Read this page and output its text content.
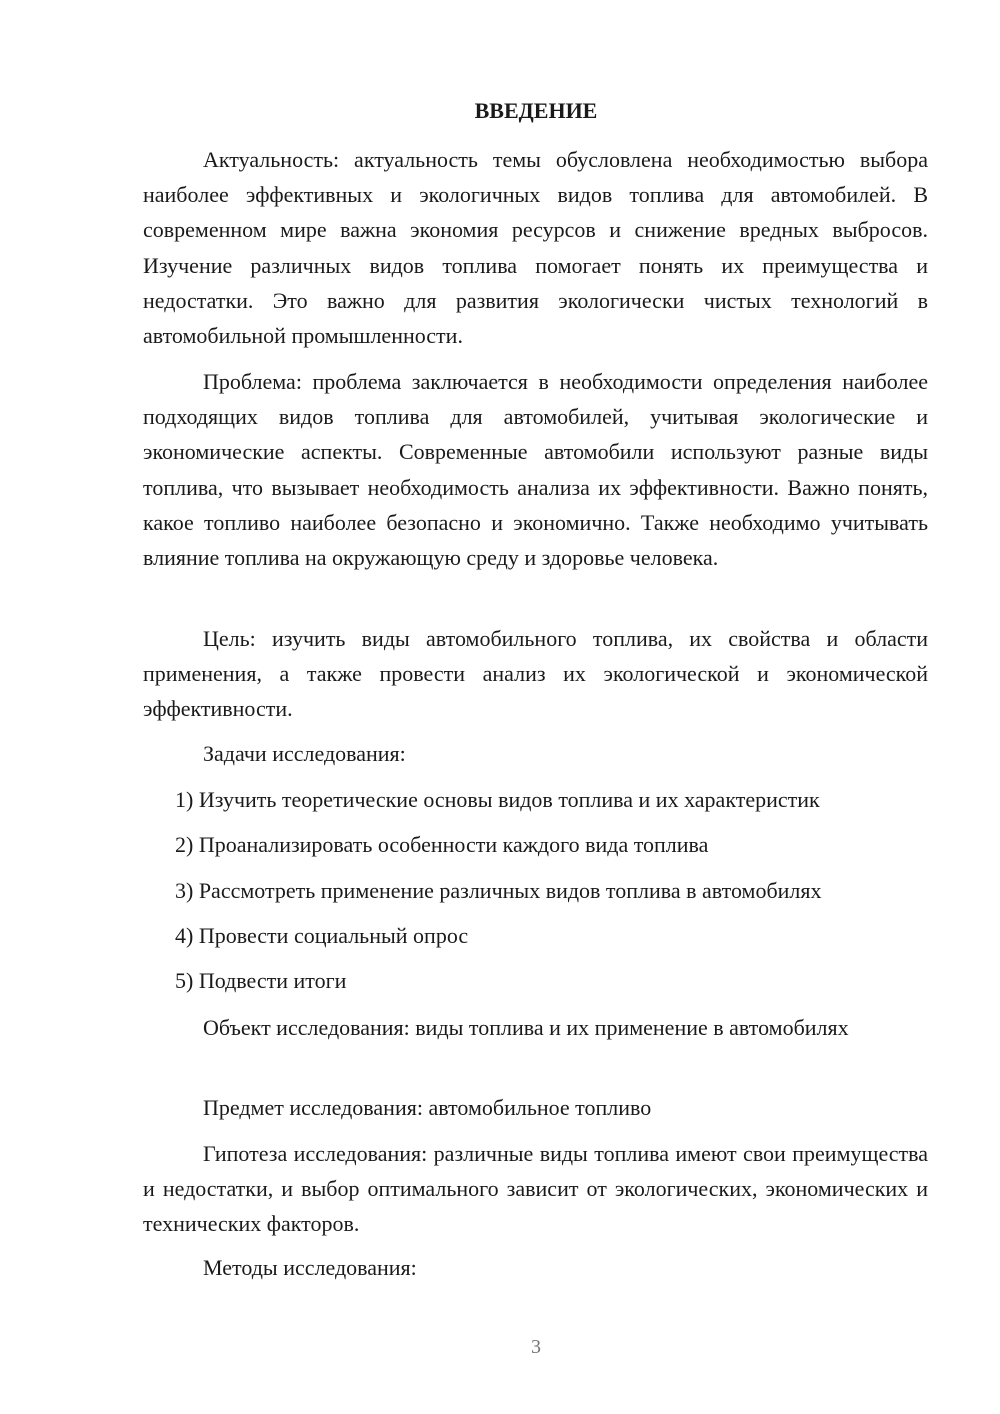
ВВЕДЕНИЕ

Актуальность: актуальность темы обусловлена необходимостью выбора наиболее эффективных и экологичных видов топлива для автомобилей. В современном мире важна экономия ресурсов и снижение вредных выбросов. Изучение различных видов топлива помогает понять их преимущества и недостатки. Это важно для развития экологически чистых технологий в автомобильной промышленности.

Проблема: проблема заключается в необходимости определения наиболее подходящих видов топлива для автомобилей, учитывая экологические и экономические аспекты. Современные автомобили используют разные виды топлива, что вызывает необходимость анализа их эффективности. Важно понять, какое топливо наиболее безопасно и экономично. Также необходимо учитывать влияние топлива на окружающую среду и здоровье человека.

Цель: изучить виды автомобильного топлива, их свойства и области применения, а также провести анализ их экологической и экономической эффективности.

Задачи исследования:

1) Изучить теоретические основы видов топлива и их характеристик

2) Проанализировать особенности каждого вида топлива

3) Рассмотреть применение различных видов топлива в автомобилях

4) Провести социальный опрос

5) Подвести итоги

Объект исследования: виды топлива и их применение в автомобилях

Предмет исследования: автомобильное топливо

Гипотеза исследования: различные виды топлива имеют свои преимущества и недостатки, и выбор оптимального зависит от экологических, экономических и технических факторов.

Методы исследования:

3
